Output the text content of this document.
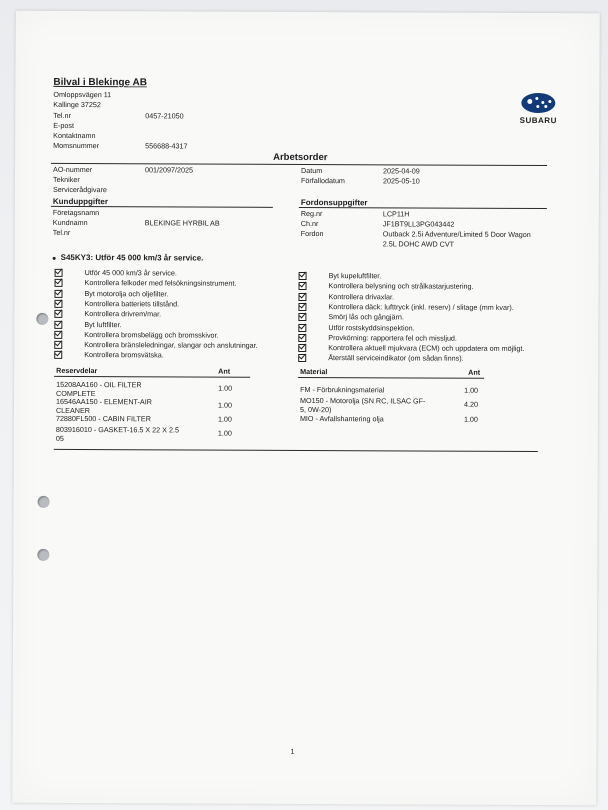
Bilval i Blekinge AB
Omloppsvägen 11
Kallinge 37252
Tel.nr	0457-21050
E-post
Kontaktnamn
Momsnummer	556688-4317
SUBARU
Arbetsorder
AO-nummer	001/2097/2025
Tekniker
Servicerådgivare
Datum	2025-04-09
Förfallodatum	2025-05-10
Kunduppgifter
Företagsnamn
Kundnamn	BLEKINGE HYRBIL AB
Tel.nr
Fordonsuppgifter
Reg.nr	LCP11H
Ch.nr	JF1BT9LL3PG043442
Fordon	Outback 2.5i Adventure/Limited 5 Door Wagon
2.5L DOHC AWD CVT
S45KY3: Utför 45 000 km/3 år service.
Utför 45 000 km/3 år service.
Kontrollera felkoder med felsökningsinstrument.
Byt motorolja och oljefilter.
Kontrollera batteriets tillstånd.
Kontrollera drivrem/mar.
Byt luftfilter.
Kontrollera bromsbelägg och bromsskivor.
Kontrollera bränsleledningar, slangar och anslutningar.
Kontrollera bromsvätska.
Byt kupeluftfilter.
Kontrollera belysning och strålkastarjustering.
Kontrollera drivaxlar.
Kontrollera däck: lufttryck (inkl. reserv) / slitage (mm kvar).
Smörj lås och gångjärn.
Utför rostskyddsinspektion.
Provkörning: rapportera fel och missljud.
Kontrollera aktuell mjukvara (ECM) och uppdatera om möjligt.
Återställ serviceindikator (om sådan finns).
Reservdelar	Ant
15208AA160 - OIL FILTER
COMPLETE
1.00
16546AA150 - ELEMENT-AIR
CLEANER
1.00
72880FL500 - CABIN FILTER	1.00
803916010 - GASKET-16.5 X 22 X 2.5
05
1.00
Material	Ant
FM - Förbrukningsmaterial	1.00
MO150 - Motorolja (SN RC, ILSAC GF-
5, 0W-20)
4.20
MIO - Avfallshantering olja	1.00
1
